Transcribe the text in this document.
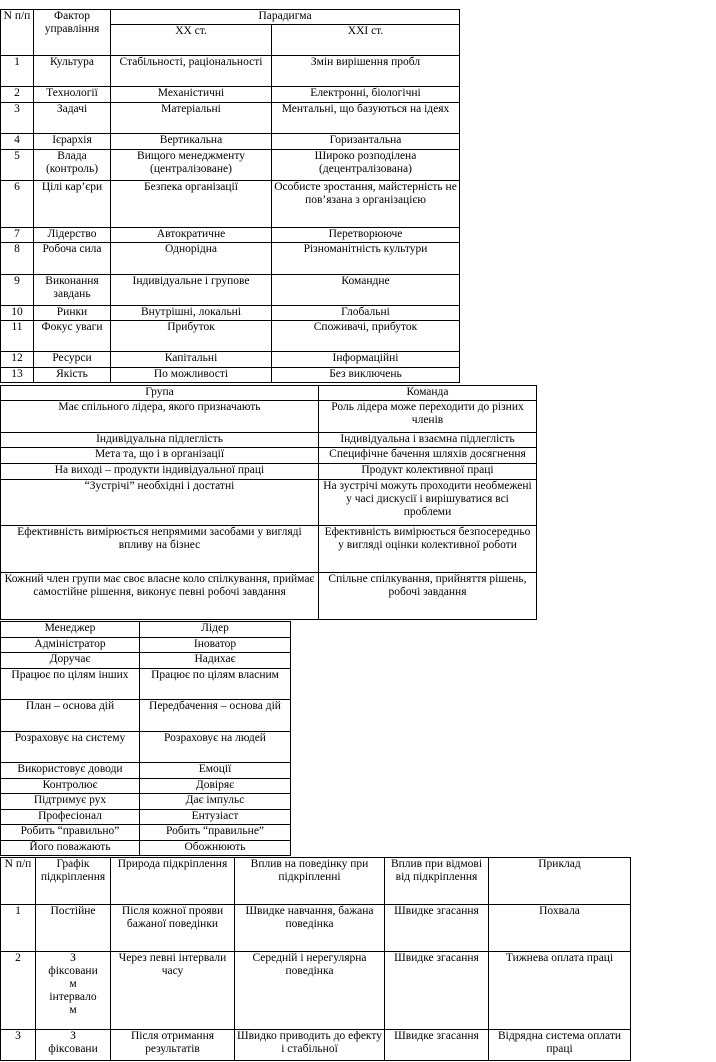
N п/п	Фактор управління	Парадигма	
		ХХ ст.	ХХІ ст.
1	Культура	Стабільності, раціональності	Змін вирішення пробл
2	Технології	Механістичні	Електронні, біологічні
3	Задачі	Матеріальні	Ментальні, що базуються на ідеях
4	Ієрархія	Вертикальна	Горизантальна
5	Влада (контроль)	Вищого менеджменту (централізоване)	Широко розподілена (децентралізована)
6	Цілі кар’єри	Безпека організації	Особисте зростання, майстерність не пов’язана з організацією
7	Лідерство	Автократичне	Перетворююче
8	Робоча сила	Однорідна	Різноманітність культури
9	Виконання завдань	Індивідуальне і групове	Командне
10	Ринки	Внутрішні, локальні	Глобальні
11	Фокус уваги	Прибуток	Споживачі, прибуток
12	Ресурси	Капітальні	Інформаційні
13	Якість	По можливості	Без виключень
Група	Команда
Має спільного лідера, якого призначають	Роль лідера може переходити до різних членів
Індивідуальна підлеглість	Індивідуальна і взаємна підлеглість
Мета та, що і в організації	Специфічне бачення шляхів досягнення
На виході – продукти індивідуальної праці	Продукт колективної праці
“Зустрічі” необхідні і достатні	На зустрічі можуть проходити необмежені у часі дискусії і вирішуватися всі проблеми
Ефективність вимірюється непрямими засобами у вигляді впливу на бізнес	Ефективність вимірюється безпосередньо у вигляді оцінки колективної роботи
Кожний член групи має своє власне коло спілкування, приймає самостійне рішення, виконує певні робочі завдання	Спільне спілкування, прийняття рішень, робочі завдання
Менеджер	Лідер
Адміністратор	Іноватор
Доручає	Надихає
Працює по цілям інших	Працює по цілям власним
План – основа дій	Передбачення – основа дій
Розраховує на систему	Розраховує на людей
Використовує доводи	Емоції
Контролює	Довіряє
Підтримує рух	Дає імпульс
Професіонал	Ентузіаст
Робить “правильно”	Робить “правильне”
Його поважають	Обожнюють
N п/п	Графік підкріплення	Природа підкріплення	Вплив на поведінку при підкріпленні	Вплив при відмові від підкріплення	Приклад
1	Постійне	Після кожної прояви бажаної поведінки	Швидке навчання, бажана поведінка	Швидке згасання	Похвала
2	З фіксованим інтервалом	Через певні інтервали часу	Середній і нерегулярна поведінка	Швидке згасання	Тижнева оплата праці
3	З фіксовани	Після отримання результатів	Швидко приводить до ефекту і стабільної	Швидке згасання	Відрядна система оплати праці
